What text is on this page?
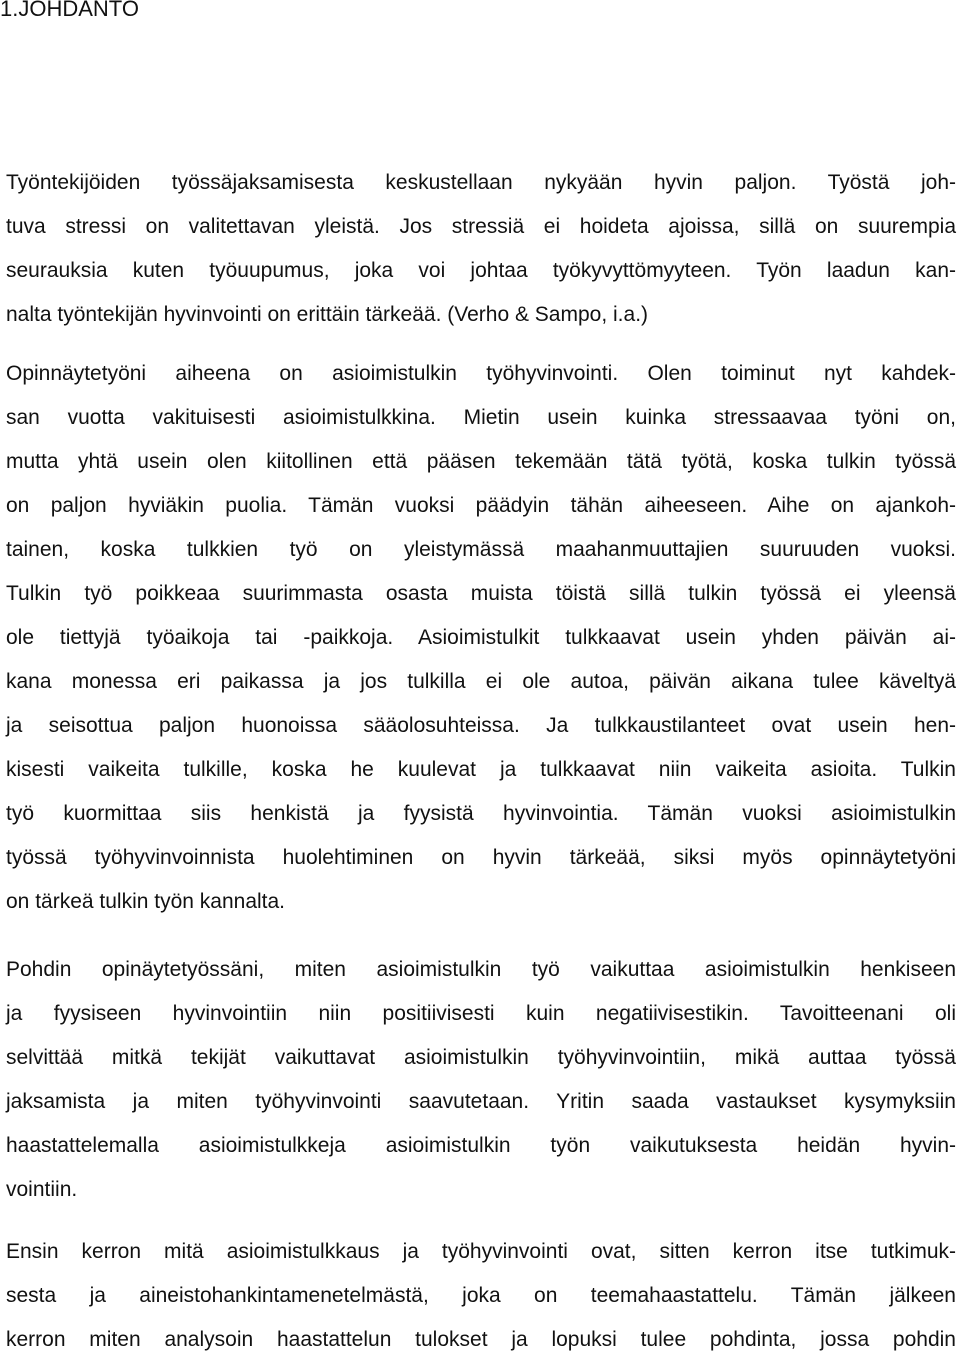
1.JOHDANTO

Työntekijöiden työssäjaksamisesta keskustellaan nykyään hyvin paljon. Työstä joh-
tuva stressi on valitettavan yleistä. Jos stressiä ei hoideta ajoissa, sillä on suurempia
seurauksia kuten työuupumus, joka voi johtaa työkyvyttömyyteen. Työn laadun kan-
nalta työntekijän hyvinvointi on erittäin tärkeää. (Verho & Sampo, i.a.)

Opinnäytetyöni aiheena on asioimistulkin työhyvinvointi. Olen toiminut nyt kahdek-
san vuotta vakituisesti asioimistulkkina. Mietin usein kuinka stressaavaa työni on,
mutta yhtä usein olen kiitollinen että pääsen tekemään tätä työtä, koska tulkin työssä
on paljon hyviäkin puolia. Tämän vuoksi päädyin tähän aiheeseen. Aihe on ajankoh-
tainen, koska tulkkien työ on yleistymässä maahanmuuttajien suuruuden vuoksi.
Tulkin työ poikkeaa suurimmasta osasta muista töistä sillä tulkin työssä ei yleensä
ole tiettyjä työaikoja tai -paikkoja. Asioimistulkit tulkkaavat usein yhden päivän ai-
kana monessa eri paikassa ja jos tulkilla ei ole autoa, päivän aikana tulee käveltyä
ja seisottua paljon huonoissa sääolosuhteissa. Ja tulkkaustilanteet ovat usein hen-
kisesti vaikeita tulkille, koska he kuulevat ja tulkkaavat niin vaikeita asioita. Tulkin
työ kuormittaa siis henkistä ja fyysistä hyvinvointia. Tämän vuoksi asioimistulkin
työssä työhyvinvoinnista huolehtiminen on hyvin tärkeää, siksi myös opinnäytetyöni
on tärkeä tulkin työn kannalta.

Pohdin opinäytetyössäni, miten asioimistulkin työ vaikuttaa asioimistulkin henkiseen
ja fyysiseen hyvinvointiin niin positiivisesti kuin negatiivisestikin. Tavoitteenani oli
selvittää mitkä tekijät vaikuttavat asioimistulkin työhyvinvointiin, mikä auttaa työssä
jaksamista ja miten työhyvinvointi saavutetaan. Yritin saada vastaukset kysymyksiin
haastattelemalla asioimistulkkeja asioimistulkin työn vaikutuksesta heidän hyvin-
vointiin.

Ensin kerron mitä asioimistulkkaus ja työhyvinvointi ovat, sitten kerron itse tutkimuk-
sesta ja aineistohankintamenetelmästä, joka on teemahaastattelu. Tämän jälkeen
kerron miten analysoin haastattelun tulokset ja lopuksi tulee pohdinta, jossa pohdin
